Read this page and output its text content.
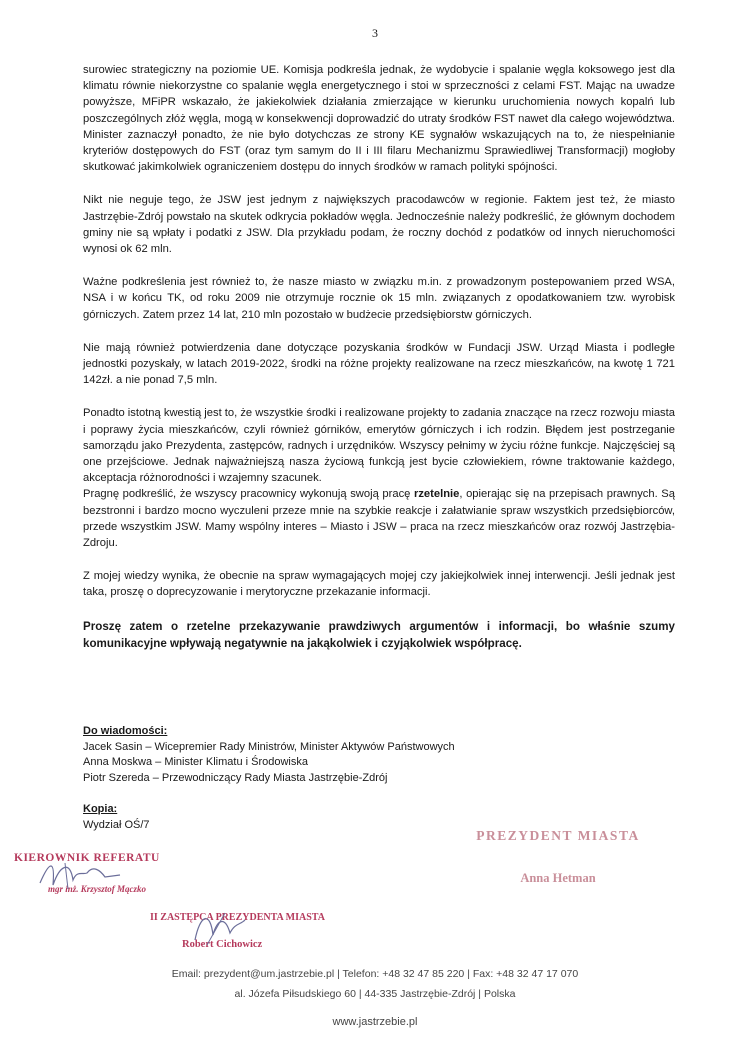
3

surowiec strategiczny na poziomie UE. Komisja podkreśla jednak, że wydobycie i spalanie węgla koksowego jest dla klimatu równie niekorzystne co spalanie węgla energetycznego i stoi w sprzeczności z celami FST. Mając na uwadze powyższe, MFiPR wskazało, że jakiekolwiek działania zmierzające w kierunku uruchomienia nowych kopalń lub poszczególnych złóż węgla, mogą w konsekwencji doprowadzić do utraty środków FST nawet dla całego województwa. Minister zaznaczył ponadto, że nie było dotychczas ze strony KE sygnałów wskazujących na to, że niespełnianie kryteriów dostępowych do FST (oraz tym samym do II i III filaru Mechanizmu Sprawiedliwej Transformacji) mogłoby skutkować jakimkolwiek ograniczeniem dostępu do innych środków w ramach polityki spójności.

Nikt nie neguje tego, że JSW jest jednym z największych pracodawców w regionie. Faktem jest też, że miasto Jastrzębie-Zdrój powstało na skutek odkrycia pokładów węgla. Jednocześnie należy podkreślić, że głównym dochodem gminy nie są wpłaty i podatki z JSW. Dla przykładu podam, że roczny dochód z podatków od innych nieruchomości wynosi ok 62 mln.

Ważne podkreślenia jest również to, że nasze miasto w związku m.in. z prowadzonym postepowaniem przed WSA, NSA i w końcu TK, od roku 2009 nie otrzymuje rocznie ok 15 mln. związanych z opodatkowaniem tzw. wyrobisk górniczych. Zatem przez 14 lat, 210 mln pozostało w budżecie przedsiębiorstw górniczych.

Nie mają również potwierdzenia dane dotyczące pozyskania środków w Fundacji JSW. Urząd Miasta i podległe jednostki pozyskały, w latach 2019-2022, środki na różne projekty realizowane na rzecz mieszkańców, na kwotę 1 721 142zł. a nie ponad 7,5 mln.

Ponadto istotną kwestią jest to, że wszystkie środki i realizowane projekty to zadania znaczące na rzecz rozwoju miasta i poprawy życia mieszkańców, czyli również górników, emerytów górniczych i ich rodzin. Błędem jest postrzeganie samorządu jako Prezydenta, zastępców, radnych i urzędników. Wszyscy pełnimy w życiu różne funkcje. Najczęściej są one przejściowe. Jednak najważniejszą nasza życiową funkcją jest bycie człowiekiem, równe traktowanie każdego, akceptacja różnorodności i wzajemny szacunek.

Pragnę podkreślić, że wszyscy pracownicy wykonują swoją pracę rzetelnie, opierając się na przepisach prawnych. Są bezstronni i bardzo mocno wyczuleni przeze mnie na szybkie reakcje i załatwianie spraw wszystkich przedsiębiorców, przede wszystkim JSW. Mamy wspólny interes – Miasto i JSW – praca na rzecz mieszkańców oraz rozwój Jastrzębia-Zdroju.

Z mojej wiedzy wynika, że obecnie na spraw wymagających mojej czy jakiejkolwiek innej interwencji. Jeśli jednak jest taka, proszę o doprecyzowanie i merytoryczne przekazanie informacji.

Proszę zatem o rzetelne przekazywanie prawdziwych argumentów i informacji, bo właśnie szumy komunikacyjne wpływają negatywnie na jakąkolwiek i czyjąkolwiek współpracę.

Do wiadomości:
Jacek Sasin – Wicepremier Rady Ministrów, Minister Aktywów Państwowych
Anna Moskwa – Minister Klimatu i Środowiska
Piotr Szereda – Przewodniczący Rady Miasta Jastrzębie-Zdrój
Kopia:
Wydział OŚ/7
PREZYDENT MIASTA
Anna Hetman
KIEROWNIK REFERATU
mgr inż. Krzysztof Mączko
II ZASTĘPCA PREZYDENTA MIASTA
Robert Cichowicz
Email: prezydent@um.jastrzebie.pl | Telefon: +48 32 47 85 220 | Fax: +48 32 47 17 070
al. Józefa Piłsudskiego 60 | 44-335 Jastrzębie-Zdrój | Polska
www.jastrzebie.pl
